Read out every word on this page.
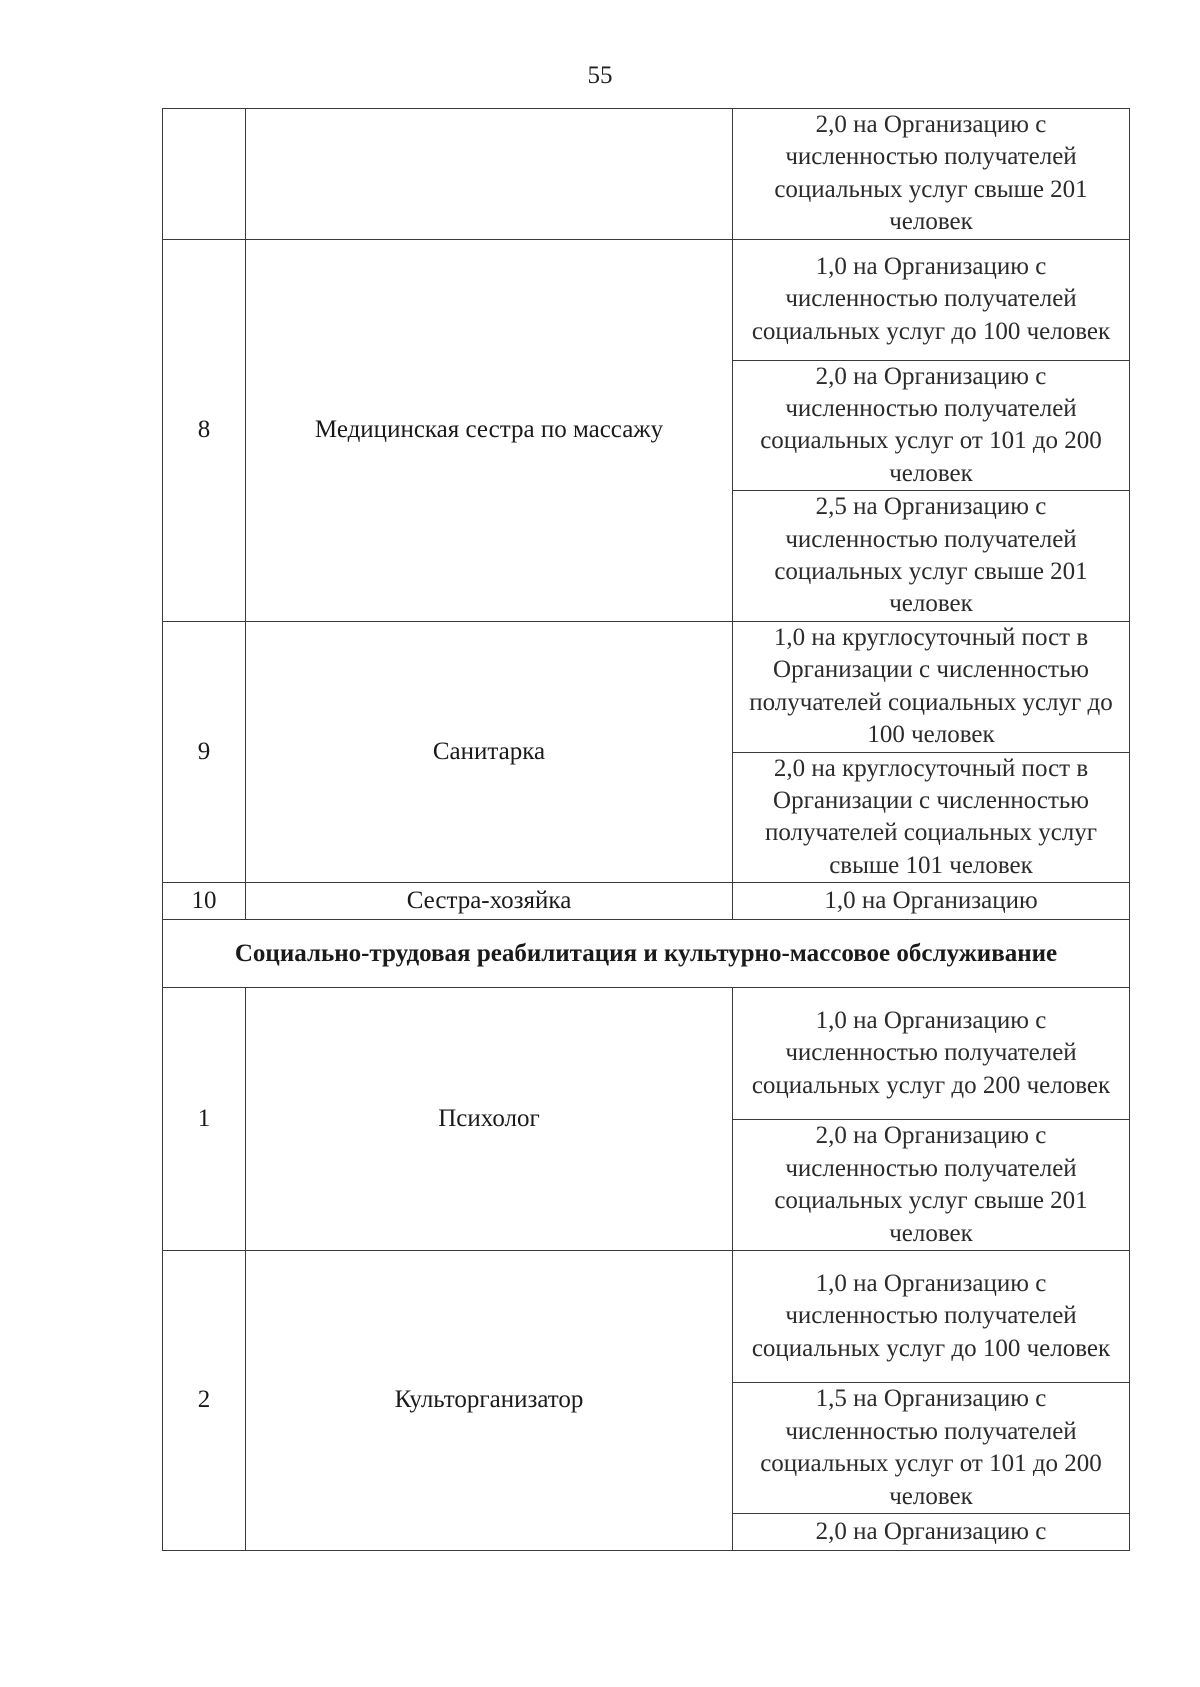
55
		2,0 на Организацию с численностью получателей социальных услуг свыше 201 человек
8	Медицинская сестра по массажу	1,0 на Организацию с численностью получателей социальных услуг до 100 человек
		2,0 на Организацию с численностью получателей социальных услуг от 101 до 200 человек
		2,5 на Организацию с численностью получателей социальных услуг свыше 201 человек
9	Санитарка	1,0 на круглосуточный пост в Организации с численностью получателей социальных услуг до 100 человек
		2,0 на круглосуточный пост в Организации с численностью получателей социальных услуг свыше 101 человек
10	Сестра-хозяйка	1,0 на Организацию
Социально-трудовая реабилитация и культурно-массовое обслуживание		
1	Психолог	1,0 на Организацию с численностью получателей социальных услуг до 200 человек
		2,0 на Организацию с численностью получателей социальных услуг свыше 201 человек
2	Культорганизатор	1,0 на Организацию с численностью получателей социальных услуг до 100 человек
		1,5 на Организацию с численностью получателей социальных услуг от 101 до 200 человек
		2,0 на Организацию с
